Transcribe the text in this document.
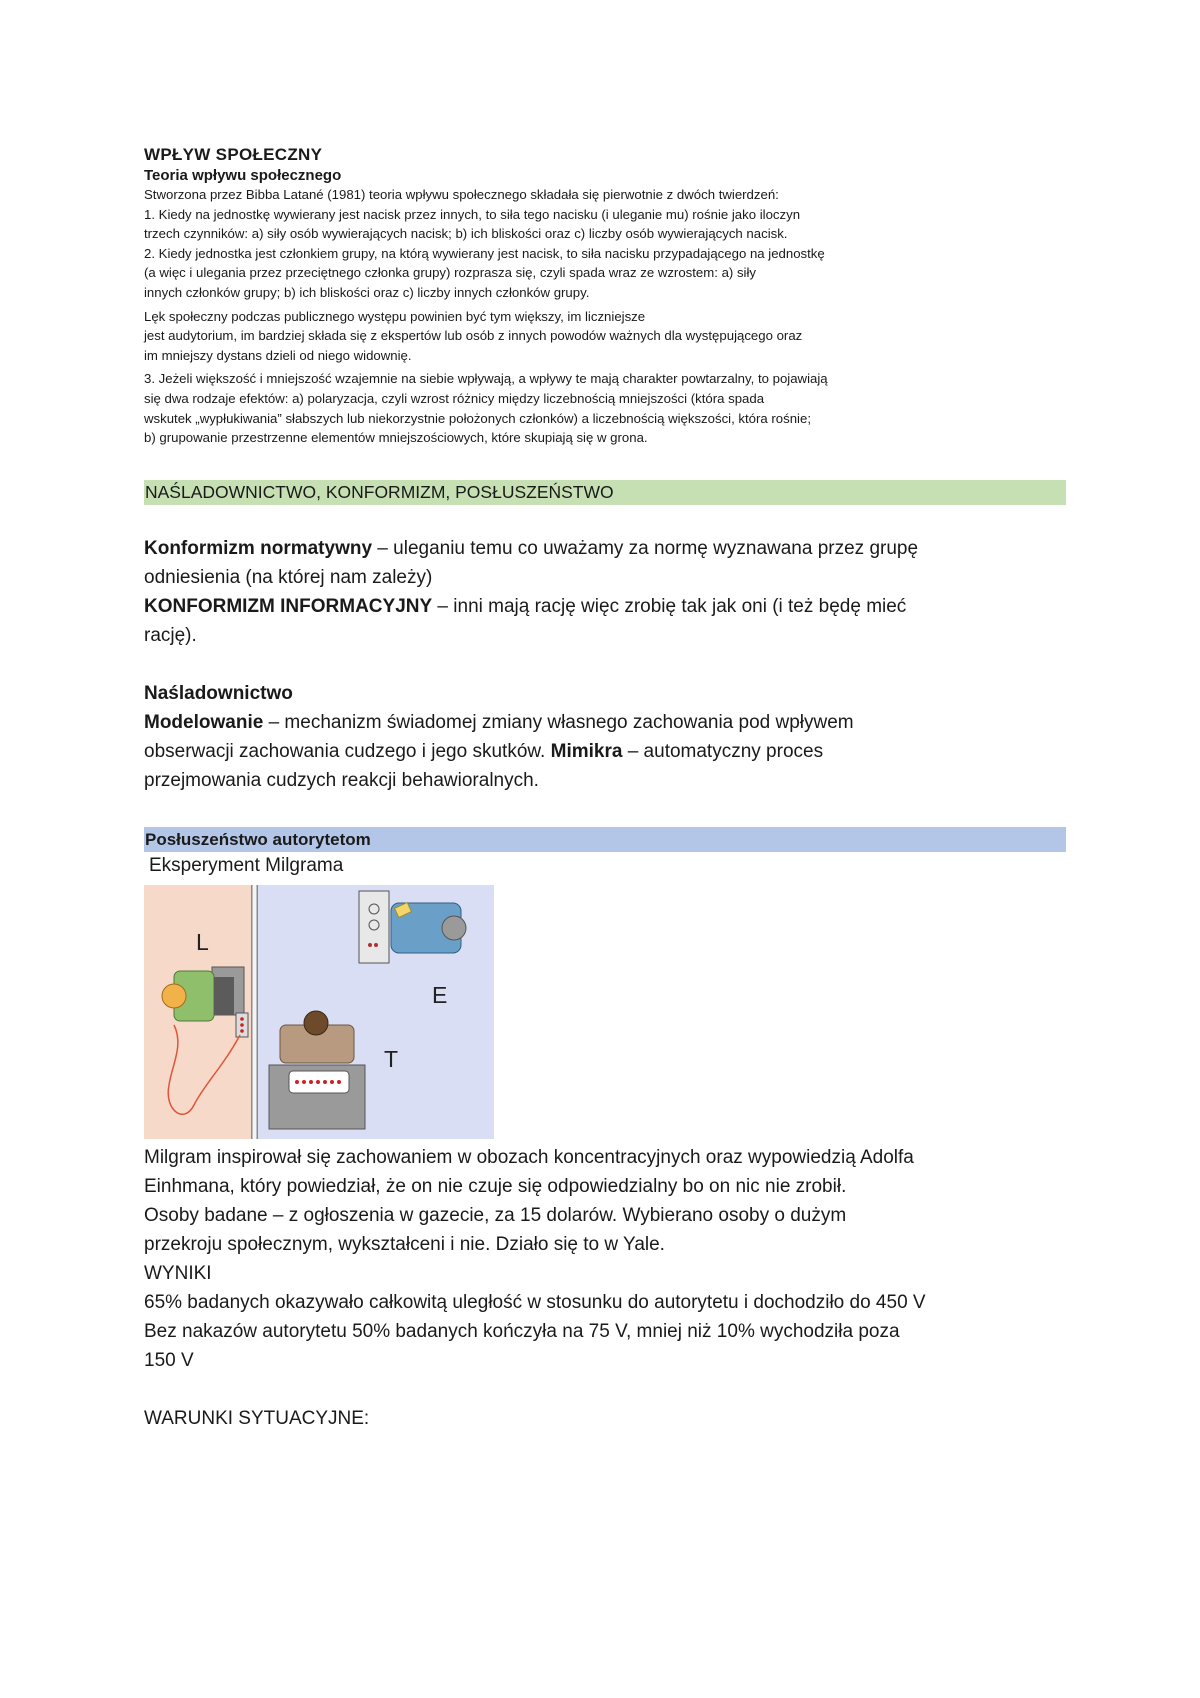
WPŁYW SPOŁECZNY

Teoria wpływu społecznego

Stworzona przez Bibba Latané (1981) teoria wpływu społecznego składała się pierwotnie z dwóch twierdzeń:
1. Kiedy na jednostkę wywierany jest nacisk przez innych, to siła tego nacisku (i uleganie mu) rośnie jako iloczyn
trzech czynników: a) siły osób wywierających nacisk; b) ich bliskości oraz c) liczby osób wywierających nacisk.
2. Kiedy jednostka jest członkiem grupy, na którą wywierany jest nacisk, to siła nacisku przypadającego na jednostkę
(a więc i ulegania przez przeciętnego członka grupy) rozprasza się, czyli spada wraz ze wzrostem: a) siły
innych członków grupy; b) ich bliskości oraz c) liczby innych członków grupy.
Lęk społeczny podczas publicznego występu powinien być tym większy, im liczniejsze
jest audytorium, im bardziej składa się z ekspertów lub osób z innych powodów ważnych dla występującego oraz
im mniejszy dystans dzieli od niego widownię.
3. Jeżeli większość i mniejszość wzajemnie na siebie wpływają, a wpływy te mają charakter powtarzalny, to pojawiają
się dwa rodzaje efektów: a) polaryzacja, czyli wzrost różnicy między liczebnością mniejszości (która spada
wskutek „wypłukiwania” słabszych lub niekorzystnie położonych członków) a liczebnością większości, która rośnie;
b) grupowanie przestrzenne elementów mniejszościowych, które skupiają się w grona.

NAŚLADOWNICTWO, KONFORMIZM, POSŁUSZEŃSTWO

Konformizm normatywny – uleganiu temu co uważamy za normę wyznawana przez grupę
odniesienia (na której nam zależy)
KONFORMIZM INFORMACYJNY – inni mają rację więc zrobię tak jak oni (i też będę mieć
rację).
Naśladownictwo
Modelowanie – mechanizm świadomej zmiany własnego zachowania pod wpływem
obserwacji zachowania cudzego i jego skutków. Mimikra – automatyczny proces
przejmowania cudzych reakcji behawioralnych.

Posłuszeństwo autorytetom

Eksperyment Milgrama

L
E
T
Milgram inspirował się zachowaniem w obozach koncentracyjnych oraz wypowiedzią Adolfa
Einhmana, który powiedział, że on nie czuje się odpowiedzialny bo on nic nie zrobił.
Osoby badane – z ogłoszenia w gazecie, za 15 dolarów. Wybierano osoby o dużym
przekroju społecznym, wykształceni i nie. Działo się to w Yale.
WYNIKI
65% badanych okazywało całkowitą uległość w stosunku do autorytetu i dochodziło do 450 V
Bez nakazów autorytetu 50% badanych kończyła na 75 V, mniej niż 10% wychodziła poza
150 V

WARUNKI SYTUACYJNE:
